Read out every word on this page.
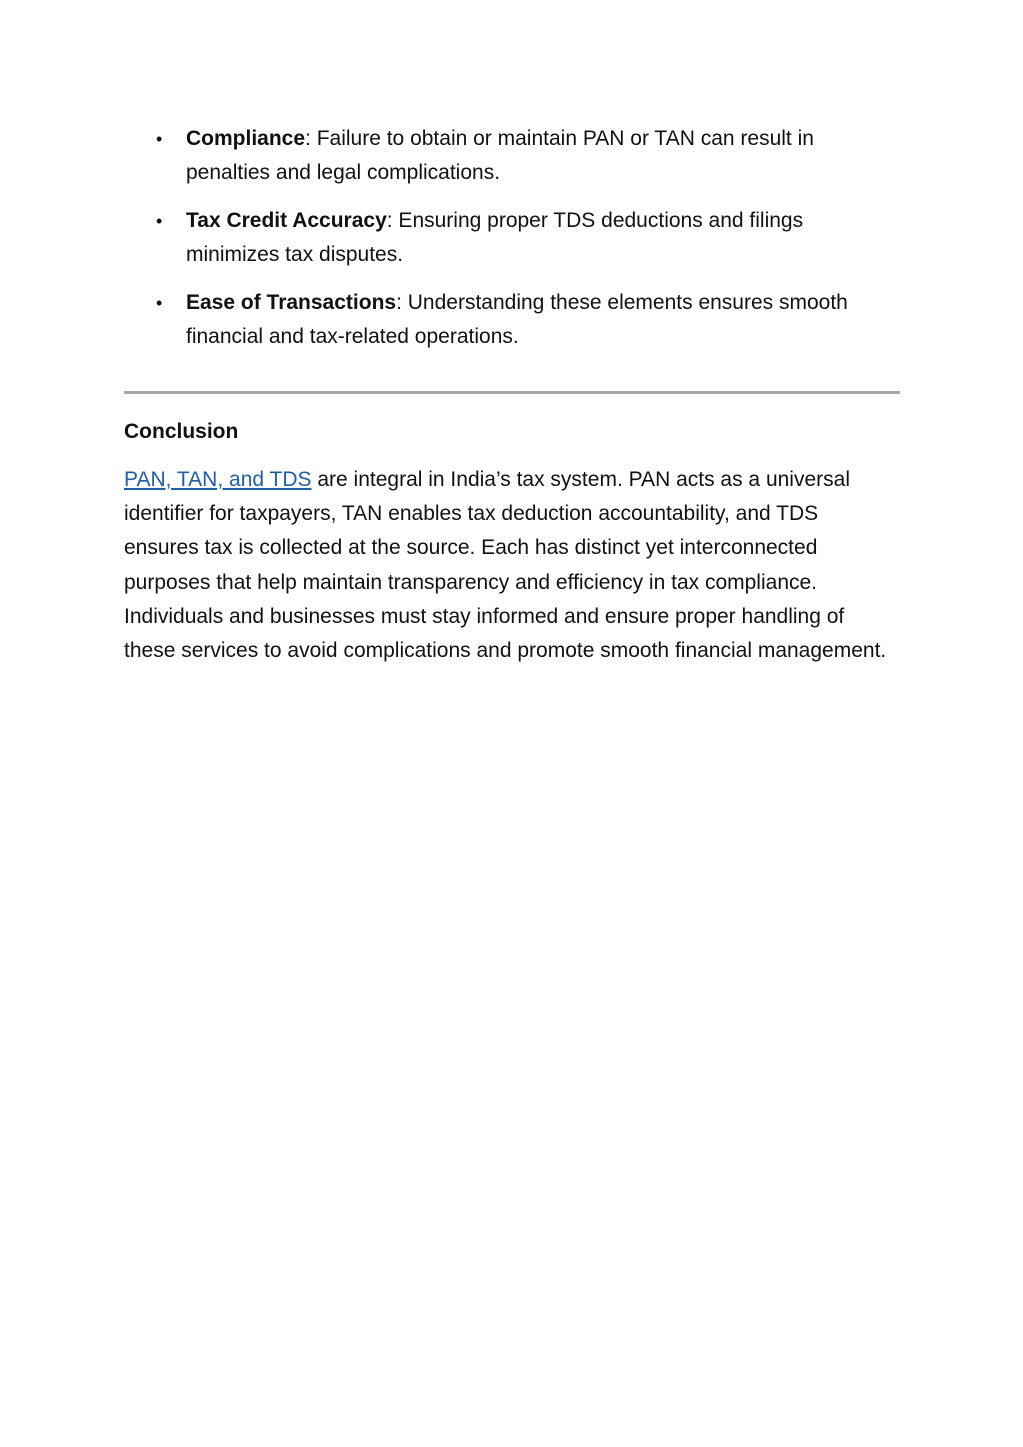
• Compliance: Failure to obtain or maintain PAN or TAN can result in penalties and legal complications.
• Tax Credit Accuracy: Ensuring proper TDS deductions and filings minimizes tax disputes.
• Ease of Transactions: Understanding these elements ensures smooth financial and tax-related operations.
Conclusion

PAN, TAN, and TDS are integral in India’s tax system. PAN acts as a universal identifier for taxpayers, TAN enables tax deduction accountability, and TDS ensures tax is collected at the source. Each has distinct yet interconnected purposes that help maintain transparency and efficiency in tax compliance. Individuals and businesses must stay informed and ensure proper handling of these services to avoid complications and promote smooth financial management.
